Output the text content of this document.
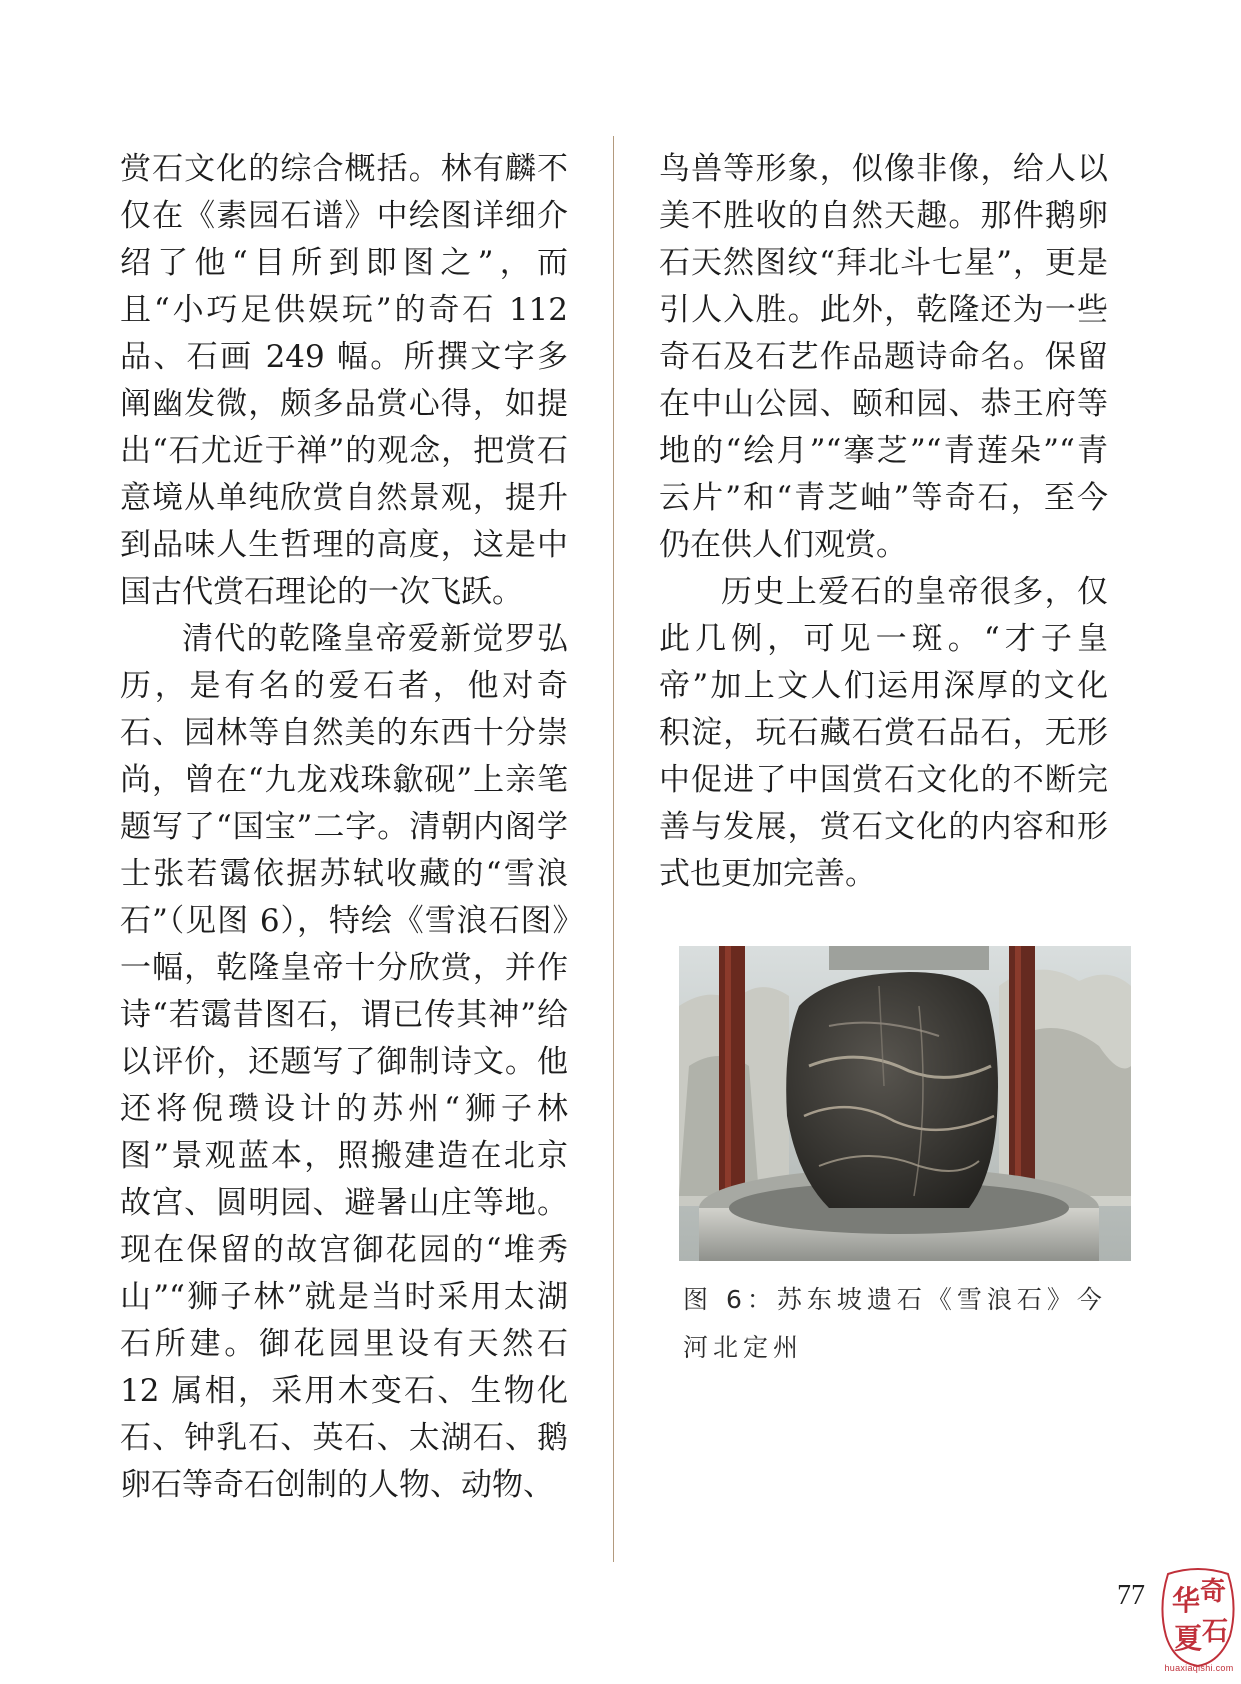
赏石文化的综合概括。林有麟不仅在《素园石谱》中绘图详细介绍了他“目所到即图之”，而且“小巧足供娱玩”的奇石 112 品、石画 249 幅。所撰文字多阐幽发微，颇多品赏心得，如提出“石尤近于禅”的观念，把赏石意境从单纯欣赏自然景观，提升到品味人生哲理的高度，这是中国古代赏石理论的一次飞跃。

清代的乾隆皇帝爱新觉罗弘历，是有名的爱石者，他对奇石、园林等自然美的东西十分崇尚，曾在“九龙戏珠歙砚”上亲笔题写了“国宝”二字。清朝内阁学士张若霭依据苏轼收藏的“雪浪石”（见图 6），特绘《雪浪石图》一幅，乾隆皇帝十分欣赏，并作诗“若霭昔图石，谓已传其神”给以评价，还题写了御制诗文。他还将倪瓒设计的苏州“狮子林图”景观蓝本，照搬建造在北京故宫、圆明园、避暑山庄等地。现在保留的故宫御花园的“堆秀山”“狮子林”就是当时采用太湖石所建。御花园里设有天然石 12 属相，采用木变石、生物化石、钟乳石、英石、太湖石、鹅卵石等奇石创制的人物、动物、

鸟兽等形象，似像非像，给人以美不胜收的自然天趣。那件鹅卵石天然图纹“拜北斗七星”，更是引人入胜。此外，乾隆还为一些奇石及石艺作品题诗命名。保留在中山公园、颐和园、恭王府等地的“绘月”“搴芝”“青莲朵”“青云片”和“青芝岫”等奇石，至今仍在供人们观赏。

历史上爱石的皇帝很多，仅此几例，可见一斑。“才子皇帝”加上文人们运用深厚的文化积淀，玩石藏石赏石品石，无形中促进了中国赏石文化的不断完善与发展，赏石文化的内容和形式也更加完善。

图 6：苏东坡遗石《雪浪石》今
河北定州
77 华 奇
夏 石
huaxiaqishi.com
